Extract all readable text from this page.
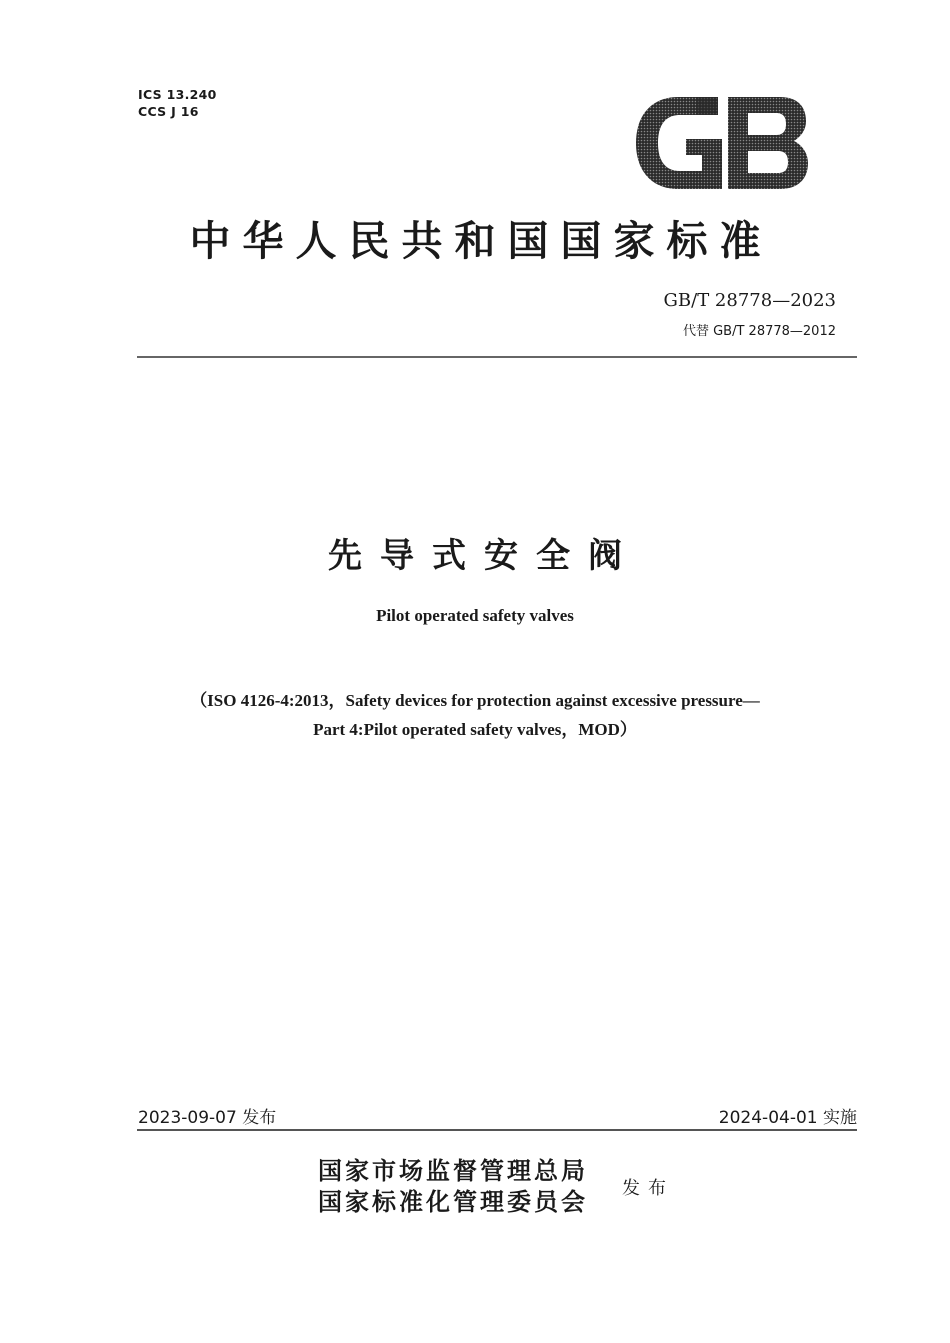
ICS 13.240
CCS J 16
中华人民共和国国家标准
GB/T 28778—2023
代替 GB/T 28778—2012
先导式安全阀
Pilot operated safety valves
（ISO 4126-4:2013，Safety devices for protection against excessive pressure—
Part 4:Pilot operated safety valves，MOD）
2023-09-07 发布	2024-04-01 实施
国家市场监督管理总局
国家标准化管理委员会 发布
